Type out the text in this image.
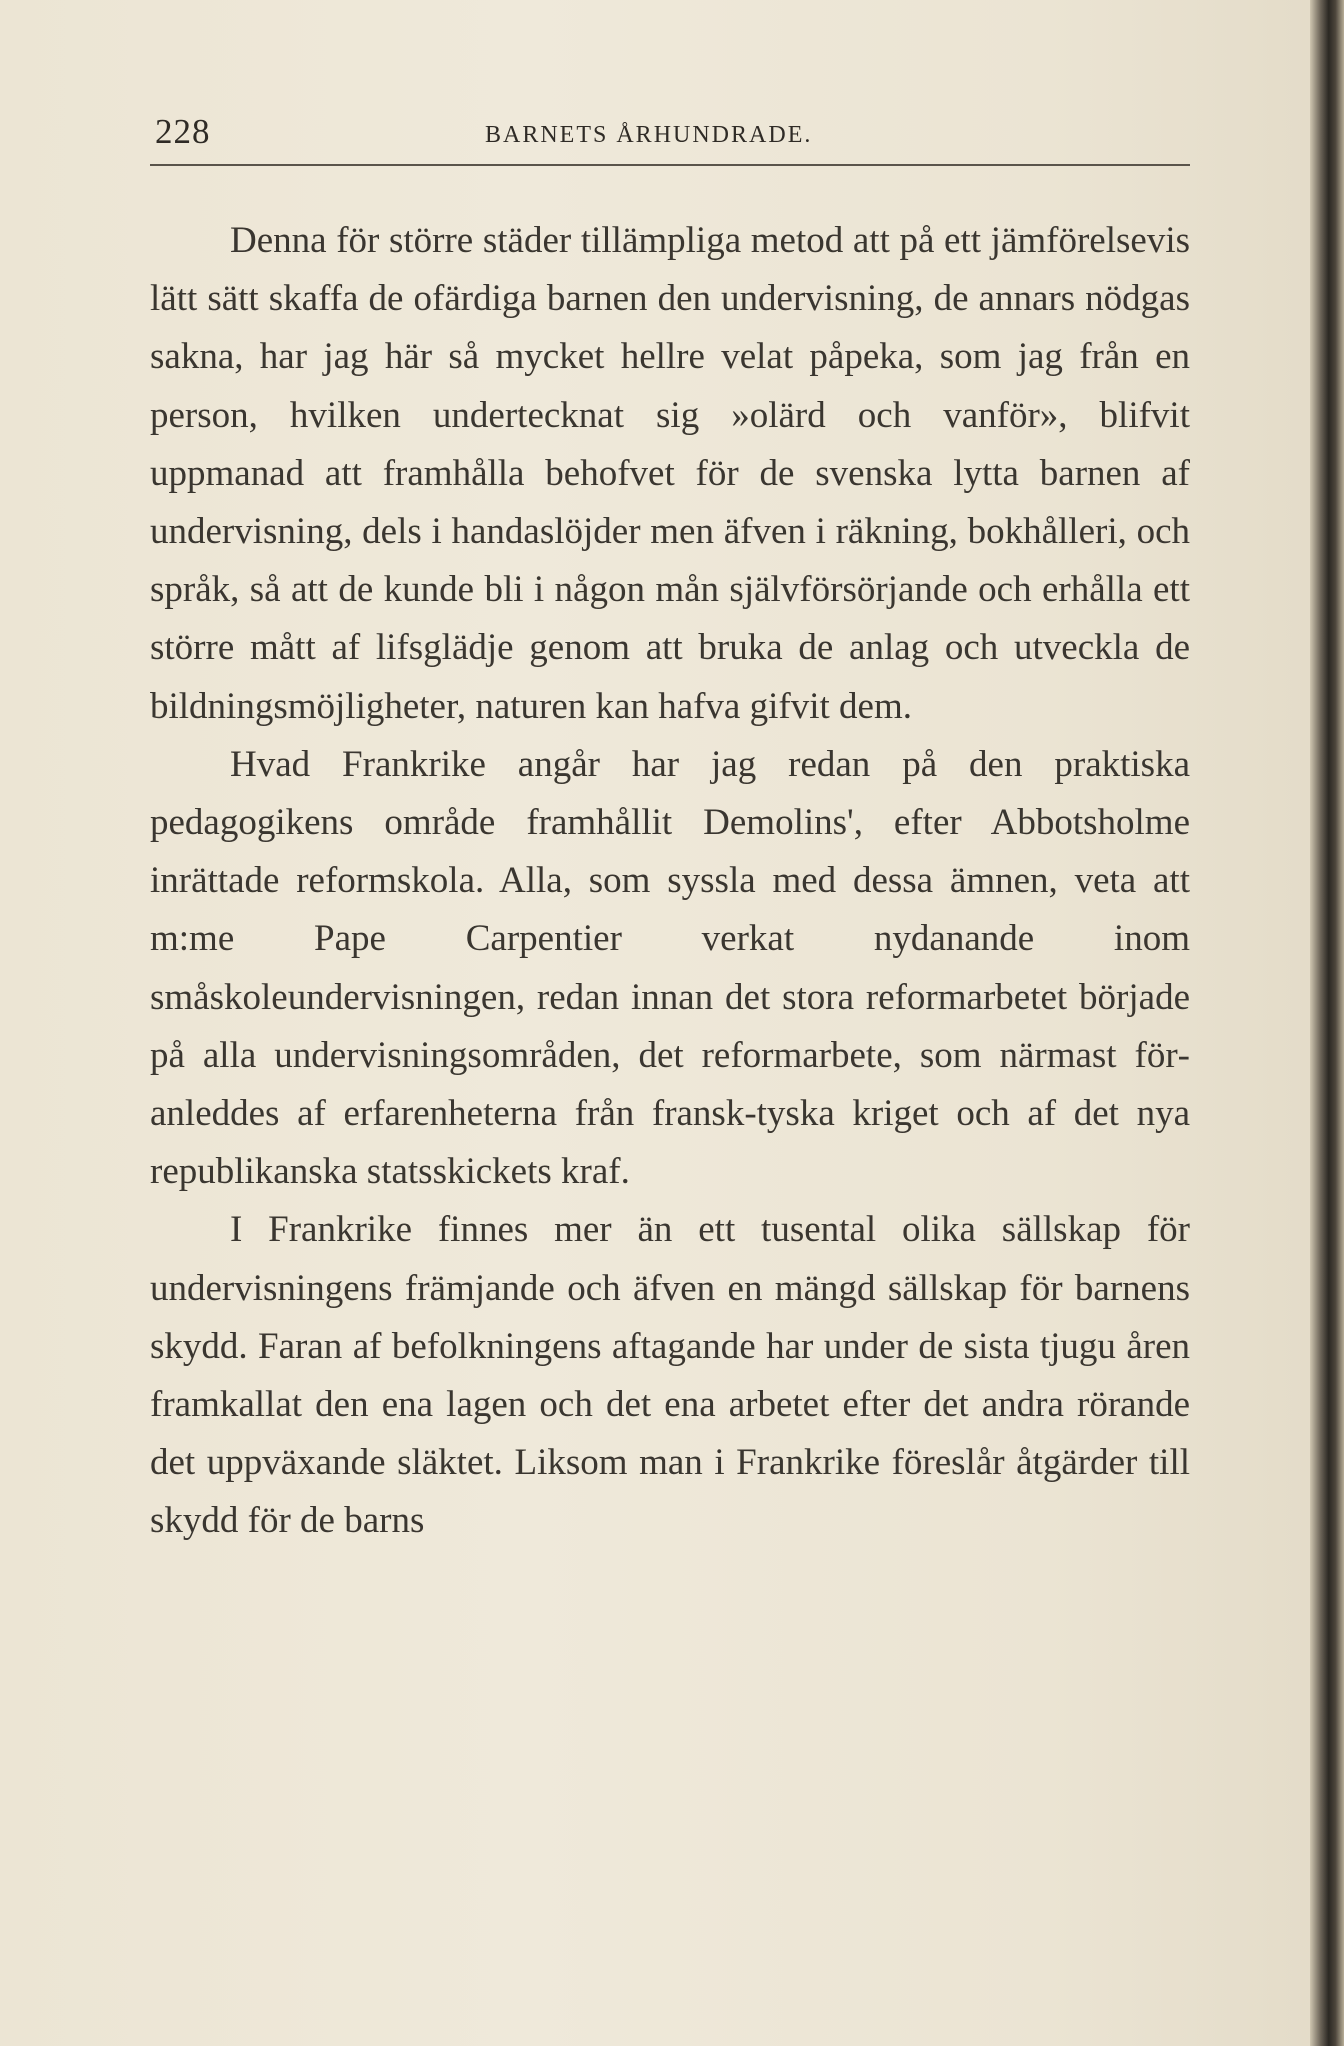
228	BARNETS ÅRHUNDRADE.

Denna för större städer tillämpliga metod att på ett jämförelsevis lätt sätt skaffa de ofärdiga barnen den undervisning, de annars nödgas sakna, har jag här så mycket hellre velat påpeka, som jag från en person, hvilken undertecknat sig »olärd och vanför», blifvit uppmanad att framhålla behofvet för de svenska lytta barnen af undervisning, dels i handaslöjder men äfven i räkning, bokhålleri, och språk, så att de kunde bli i någon mån självförsörjande och erhålla ett större mått af lifsglädje genom att bruka de anlag och utveckla de bildningsmöjligheter, naturen kan hafva gifvit dem.

Hvad Frankrike angår har jag redan på den praktiska pedagogikens område framhållit Demolins', efter Abbotsholme inrättade reformskola. Alla, som syssla med dessa ämnen, veta att m:me Pape Carpentier verkat nydanande inom småskoleundervisningen, redan innan det stora reformarbetet började på alla undervisningsområden, det reformarbete, som närmast föranleddes af erfarenheterna från fransk-tyska kriget och af det nya republikanska statsskickets kraf.

I Frankrike finnes mer än ett tusental olika sällskap för undervisningens främjande och äfven en mängd sällskap för barnens skydd. Faran af befolkningens aftagande har under de sista tjugu åren framkallat den ena lagen och det ena arbetet efter det andra rörande det uppväxande släktet. Liksom man i Frankrike föreslår åtgärder till skydd för de barns
